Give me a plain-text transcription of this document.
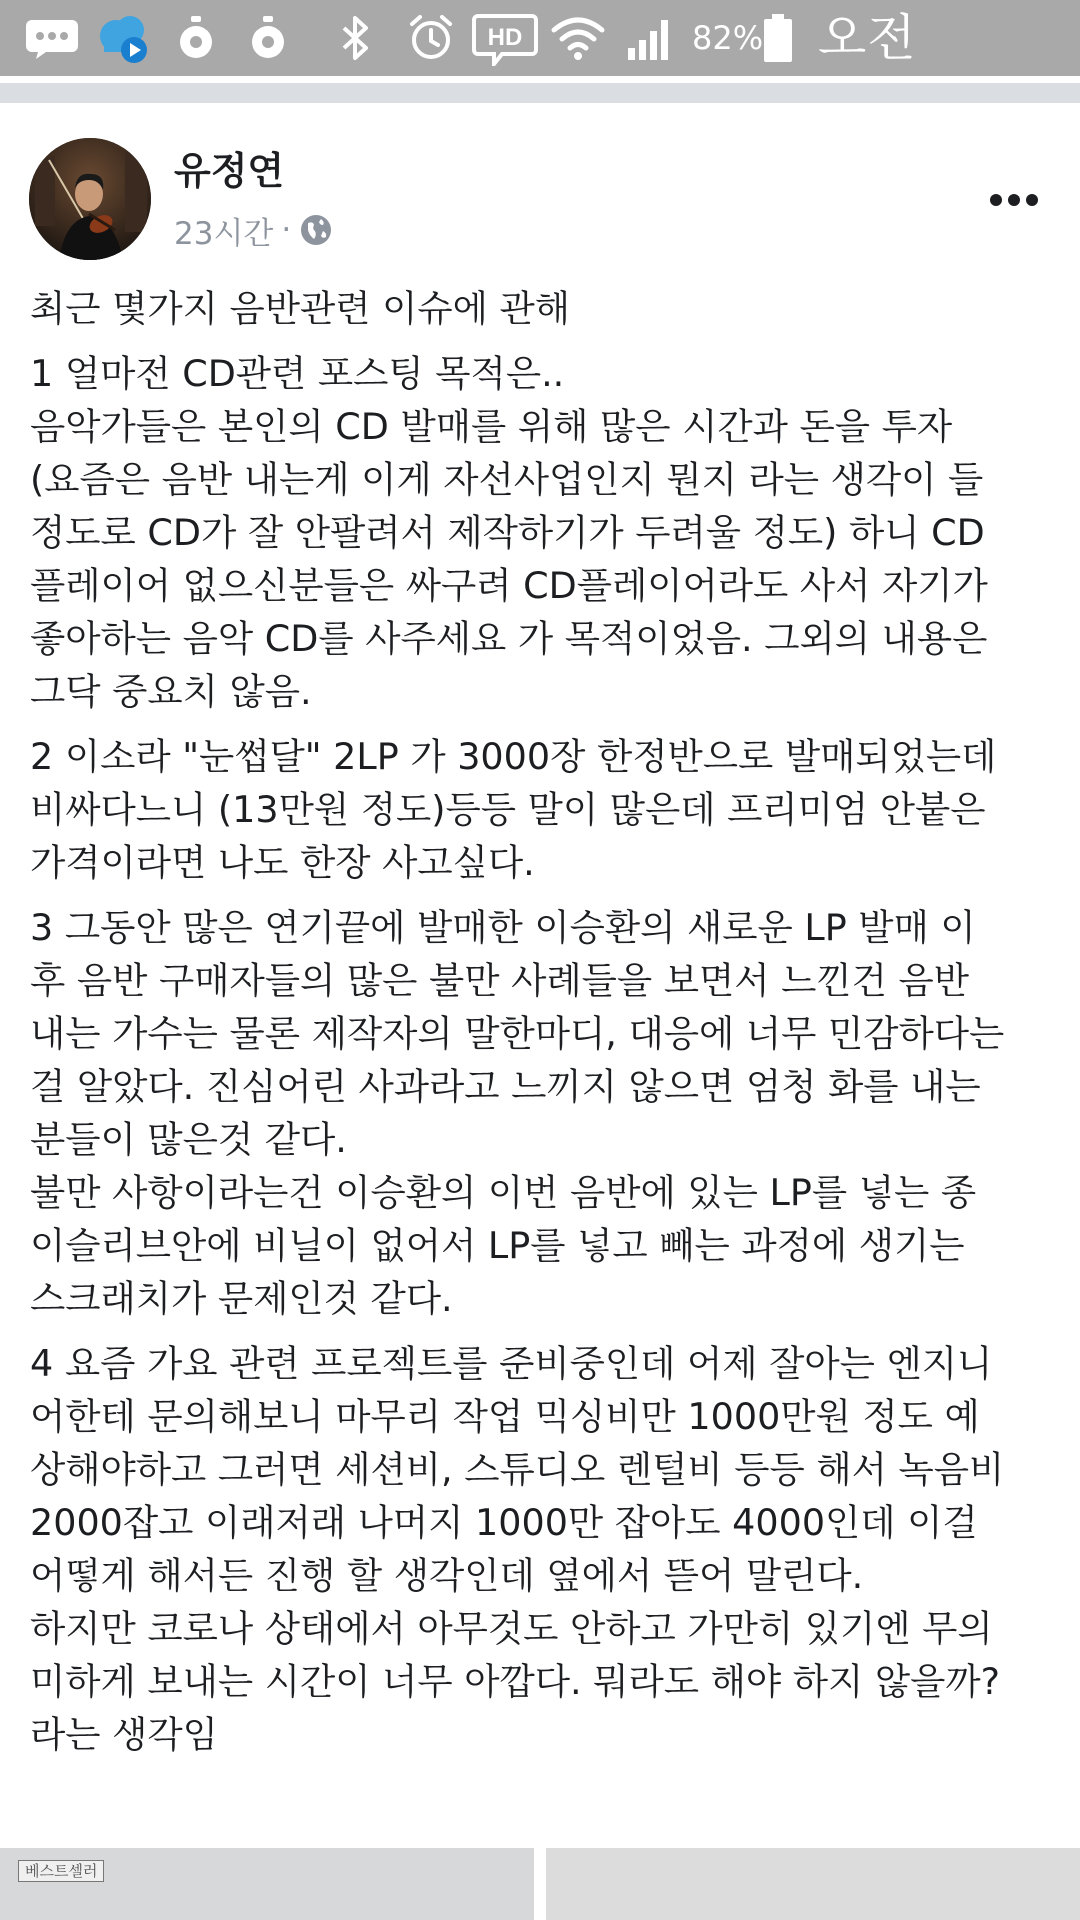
HD	82% 오전
유정연
23시간 ·

최근 몇가지 음반관련 이슈에 관해

1 얼마전 CD관련 포스팅 목적은..
음악가들은 본인의 CD 발매를 위해 많은 시간과 돈을 투자
(요즘은 음반 내는게 이게 자선사업인지 뭔지 라는 생각이 들
정도로 CD가 잘 안팔려서 제작하기가 두려울 정도) 하니 CD
플레이어 없으신분들은 싸구려 CD플레이어라도 사서 자기가
좋아하는 음악 CD를 사주세요 가 목적이었음. 그외의 내용은
그닥 중요치 않음.

2 이소라 "눈썹달" 2LP 가 3000장 한정반으로 발매되었는데
비싸다느니 (13만원 정도)등등 말이 많은데 프리미엄 안붙은
가격이라면 나도 한장 사고싶다.

3 그동안 많은 연기끝에 발매한 이승환의 새로운 LP 발매 이
후 음반 구매자들의 많은 불만 사례들을 보면서 느낀건 음반
내는 가수는 물론 제작자의 말한마디, 대응에 너무 민감하다는
걸 알았다. 진심어린 사과라고 느끼지 않으면 엄청 화를 내는
분들이 많은것 같다.
불만 사항이라는건 이승환의 이번 음반에 있는 LP를 넣는 종
이슬리브안에 비닐이 없어서 LP를 넣고 빼는 과정에 생기는
스크래치가 문제인것 같다.

4 요즘 가요 관련 프로젝트를 준비중인데 어제 잘아는 엔지니
어한테 문의해보니 마무리 작업 믹싱비만 1000만원 정도 예
상해야하고 그러면 세션비, 스튜디오 렌털비 등등 해서 녹음비
2000잡고 이래저래 나머지 1000만 잡아도 4000인데 이걸
어떻게 해서든 진행 할 생각인데 옆에서 뜯어 말린다.
하지만 코로나 상태에서 아무것도 안하고 가만히 있기엔 무의
미하게 보내는 시간이 너무 아깝다. 뭐라도 해야 하지 않을까?
라는 생각임

베스트셀러
